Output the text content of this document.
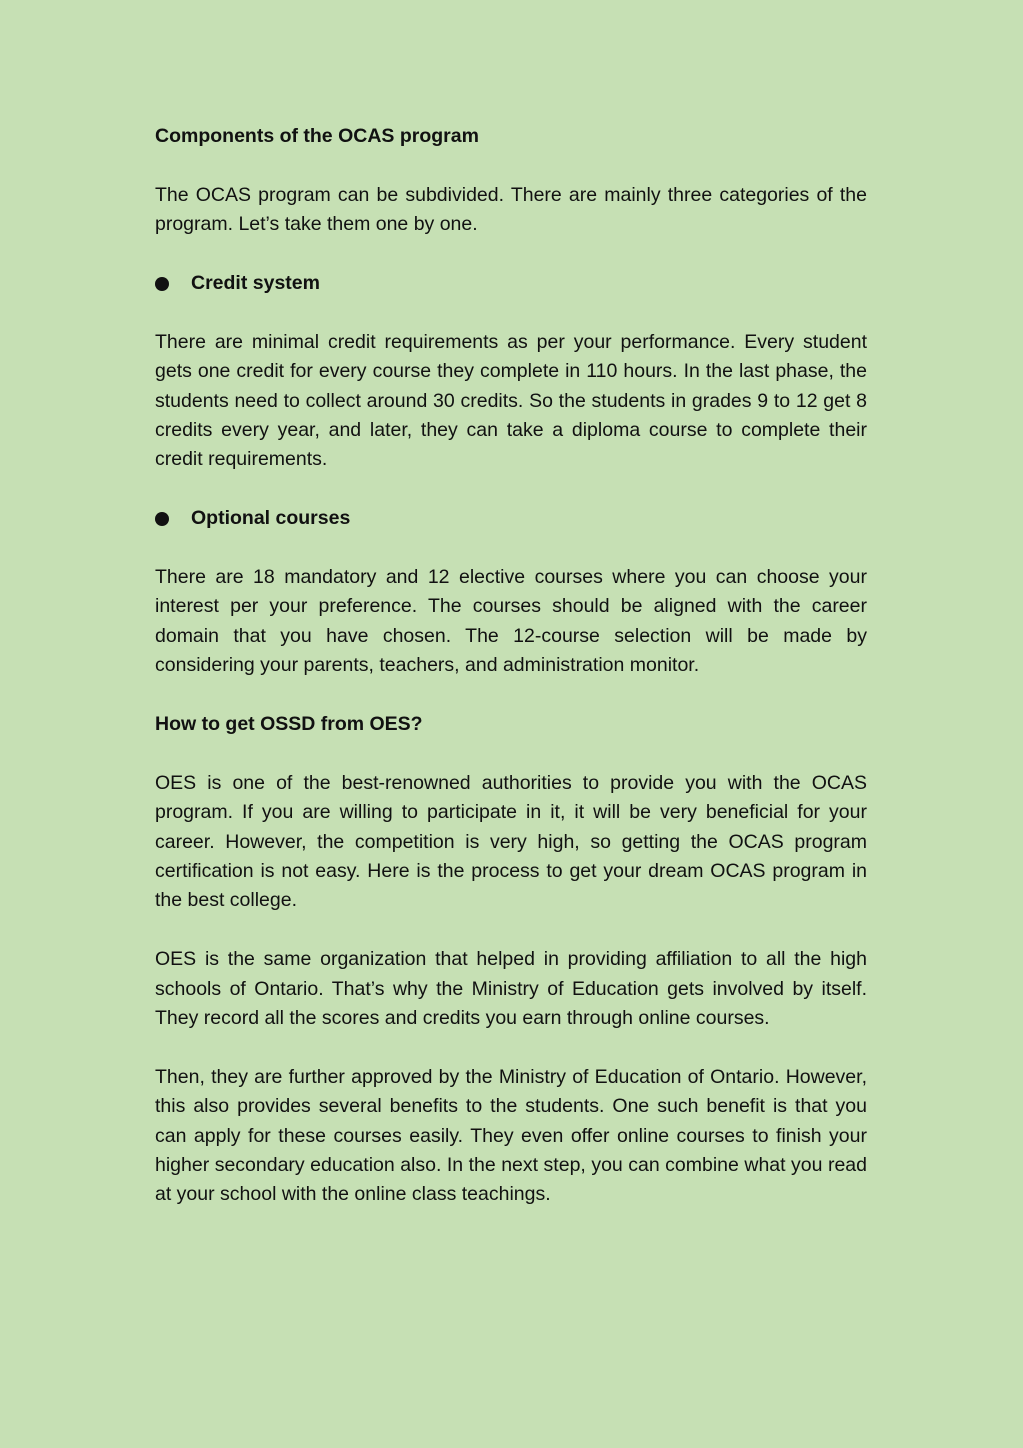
Components of the OCAS program

The OCAS program can be subdivided. There are mainly three categories of the program. Let’s take them one by one.

Credit system

There are minimal credit requirements as per your performance. Every student gets one credit for every course they complete in 110 hours. In the last phase, the students need to collect around 30 credits. So the students in grades 9 to 12 get 8 credits every year, and later, they can take a diploma course to complete their credit requirements.

Optional courses

There are 18 mandatory and 12 elective courses where you can choose your interest per your preference. The courses should be aligned with the career domain that you have chosen. The 12-course selection will be made by considering your parents, teachers, and administration monitor.

How to get OSSD from OES?

OES is one of the best-renowned authorities to provide you with the OCAS program. If you are willing to participate in it, it will be very beneficial for your career. However, the competition is very high, so getting the OCAS program certification is not easy. Here is the process to get your dream OCAS program in the best college.

OES is the same organization that helped in providing affiliation to all the high schools of Ontario. That’s why the Ministry of Education gets involved by itself. They record all the scores and credits you earn through online courses.

Then, they are further approved by the Ministry of Education of Ontario. However, this also provides several benefits to the students. One such benefit is that you can apply for these courses easily. They even offer online courses to finish your higher secondary education also. In the next step, you can combine what you read at your school with the online class teachings.
